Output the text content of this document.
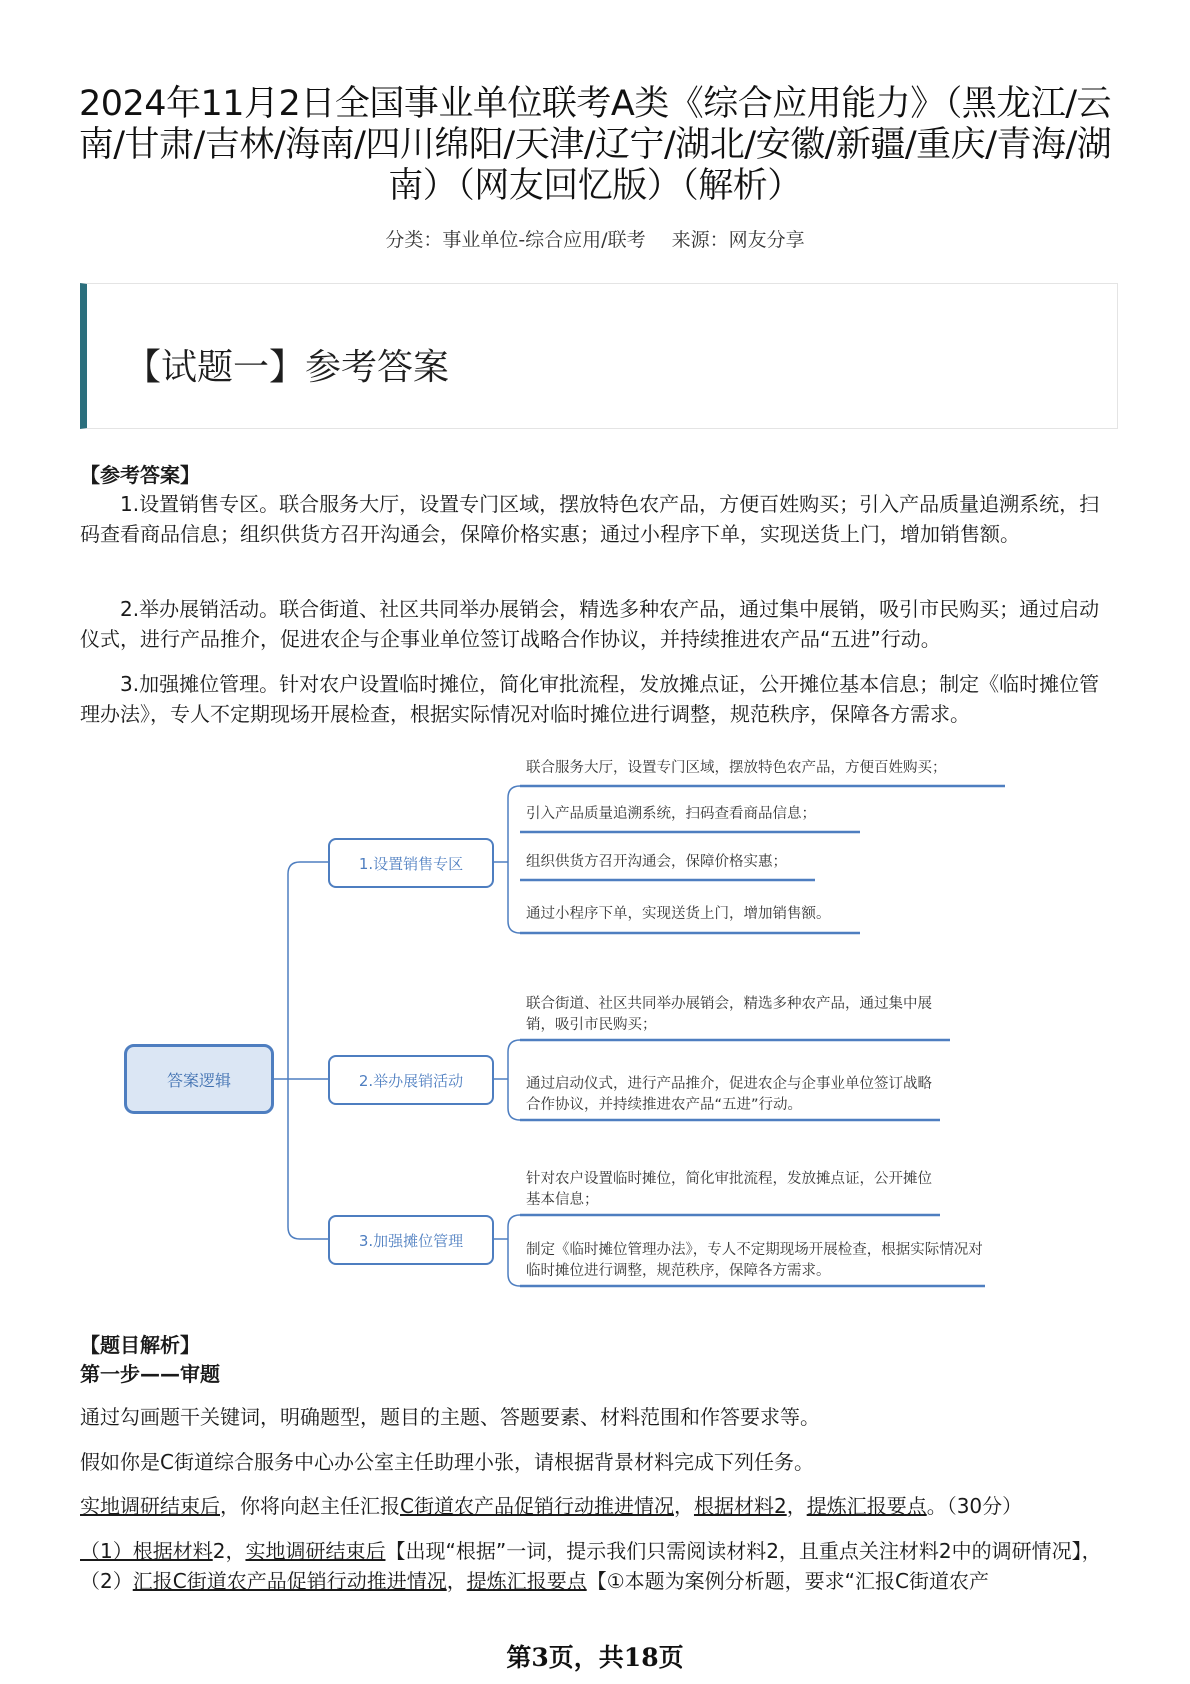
2024年11月2日全国事业单位联考A类《综合应用能力》（黑龙江/云南/甘肃/吉林/海南/四川绵阳/天津/辽宁/湖北/安徽/新疆/重庆/青海/湖南）（网友回忆版）（解析）
分类：事业单位-综合应用/联考 来源：网友分享
【试题一】参考答案
【参考答案】
1.设置销售专区。联合服务大厅，设置专门区域，摆放特色农产品，方便百姓购买；引入产品质量追溯系统，扫码查看商品信息；组织供货方召开沟通会，保障价格实惠；通过小程序下单，实现送货上门，增加销售额。
2.举办展销活动。联合街道、社区共同举办展销会，精选多种农产品，通过集中展销，吸引市民购买；通过启动仪式，进行产品推介，促进农企与企事业单位签订战略合作协议，并持续推进农产品“五进”行动。
3.加强摊位管理。针对农户设置临时摊位，简化审批流程，发放摊点证，公开摊位基本信息；制定《临时摊位管理办法》，专人不定期现场开展检查，根据实际情况对临时摊位进行调整，规范秩序，保障各方需求。
答案逻辑
1.设置销售专区
2.举办展销活动
3.加强摊位管理
联合服务大厅，设置专门区域，摆放特色农产品，方便百姓购买；
引入产品质量追溯系统，扫码查看商品信息；
组织供货方召开沟通会，保障价格实惠；
通过小程序下单，实现送货上门，增加销售额。
联合街道、社区共同举办展销会，精选多种农产品，通过集中展销，吸引市民购买；
通过启动仪式，进行产品推介，促进农企与企事业单位签订战略合作协议，并持续推进农产品“五进”行动。
针对农户设置临时摊位，简化审批流程，发放摊点证，公开摊位基本信息；
制定《临时摊位管理办法》，专人不定期现场开展检查，根据实际情况对临时摊位进行调整，规范秩序，保障各方需求。
【题目解析】
第一步——审题
通过勾画题干关键词，明确题型，题目的主题、答题要素、材料范围和作答要求等。
假如你是C街道综合服务中心办公室主任助理小张，请根据背景材料完成下列任务。
实地调研结束后，你将向赵主任汇报C街道农产品促销行动推进情况，根据材料2，提炼汇报要点。（30分）
（1）根据材料2，实地调研结束后【出现“根据”一词，提示我们只需阅读材料2，且重点关注材料2中的调研情况】，（2）汇报C街道农产品促销行动推进情况，提炼汇报要点【①本题为案例分析题，要求“汇报C街道农产
第3页，共18页
